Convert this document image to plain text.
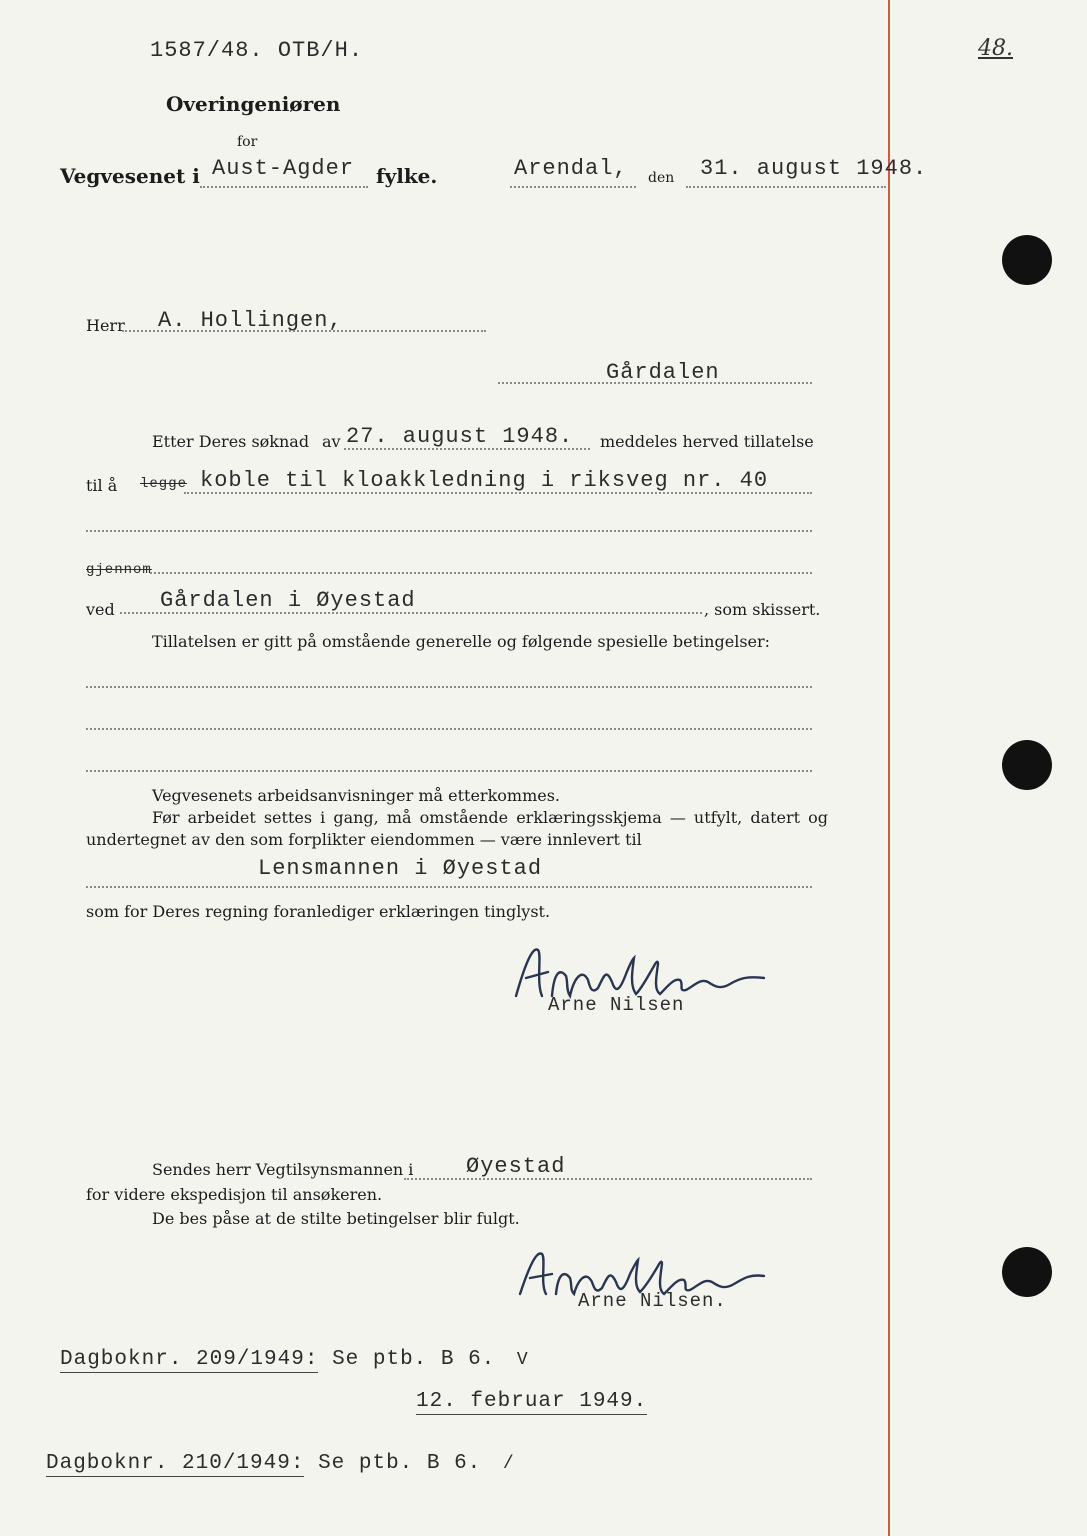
1587/48. OTB/H.	48.
Overingeniøren
for
Vegvesenet i Aust-Agder fylke.	Arendal, den 31. august 1948.
Herr A. Hollingen,
Gårdalen
Etter Deres søknad av 27. august 1948. meddeles herved tillatelse
til å legge koble til kloakkledning i riksveg nr. 40
gjennom
ved Gårdalen i Øyestad	, som skissert.
Tillatelsen er gitt på omstående generelle og følgende spesielle betingelser:
Vegvesenets arbeidsanvisninger må etterkommes.
Før arbeidet settes i gang, må omstående erklæringsskjema — utfylt, datert og
undertegnet av den som forplikter eiendommen — være innlevert til
Lensmannen i Øyestad
som for Deres regning foranlediger erklæringen tinglyst.
Arne Nilsen
Sendes herr Vegtilsynsmannen i Øyestad
for videre ekspedisjon til ansøkeren.
De bes påse at de stilte betingelser blir fulgt.
Arne Nilsen.
Dagboknr. 209/1949: Se ptb. B 6. V
12. februar 1949.
Dagboknr. 210/1949: Se ptb. B 6. /
